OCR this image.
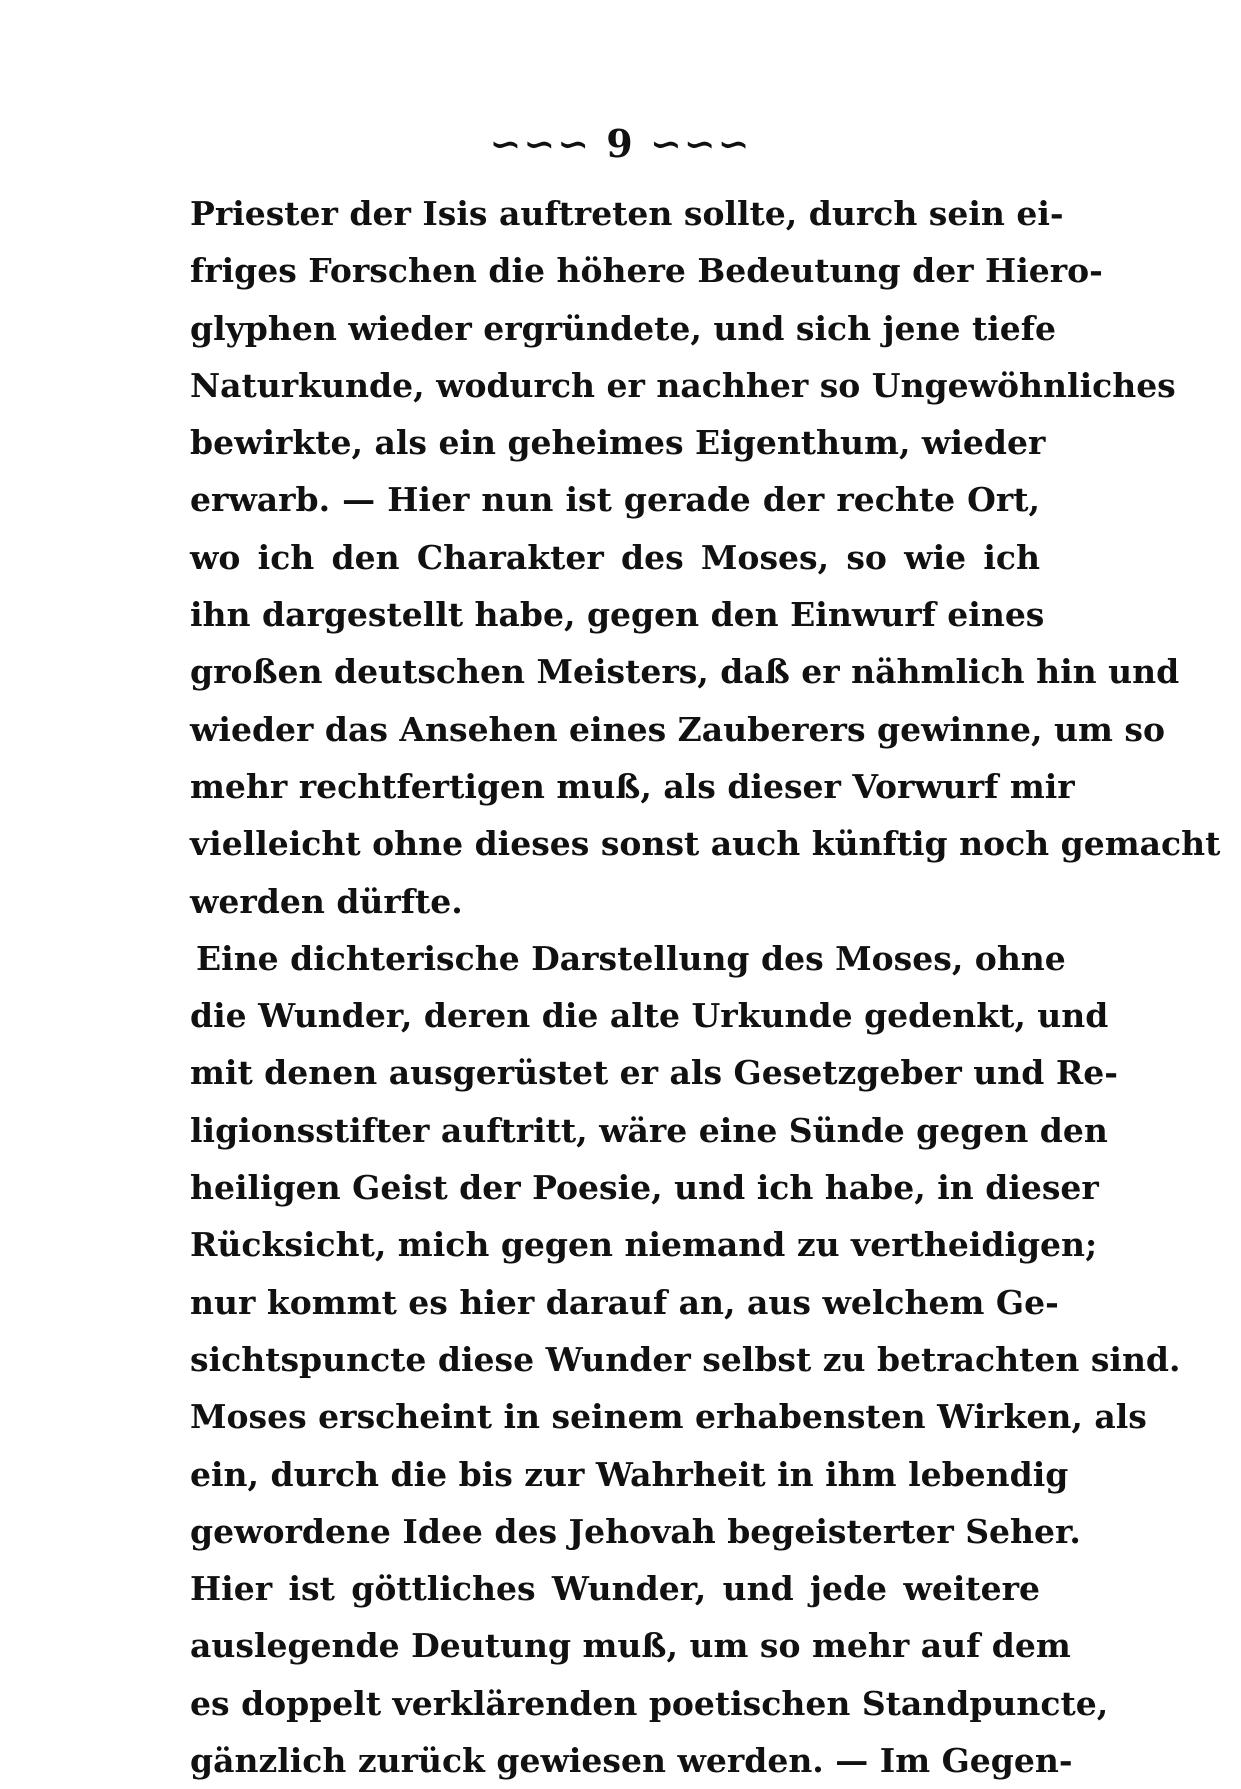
∽∽∽ 9 ∽∽∽
Priester der Isis auftreten sollte, durch sein ei-
friges Forschen die höhere Bedeutung der Hiero-
glyphen wieder ergründete, und sich jene tiefe
Naturkunde, wodurch er nachher so Ungewöhnliches
bewirkte, als ein geheimes Eigenthum, wieder
erwarb. — Hier nun ist gerade der rechte Ort,
wo ich den Charakter des Moses, so wie ich
ihn dargestellt habe, gegen den Einwurf eines
großen deutschen Meisters, daß er nähmlich hin und
wieder das Ansehen eines Zauberers gewinne, um so
mehr rechtfertigen muß, als dieser Vorwurf mir
vielleicht ohne dieses sonst auch künftig noch gemacht
werden dürfte.
Eine dichterische Darstellung des Moses, ohne
die Wunder, deren die alte Urkunde gedenkt, und
mit denen ausgerüstet er als Gesetzgeber und Re-
ligionsstifter auftritt, wäre eine Sünde gegen den
heiligen Geist der Poesie, und ich habe, in dieser
Rücksicht, mich gegen niemand zu vertheidigen;
nur kommt es hier darauf an, aus welchem Ge-
sichtspuncte diese Wunder selbst zu betrachten sind.
Moses erscheint in seinem erhabensten Wirken, als
ein, durch die bis zur Wahrheit in ihm lebendig
gewordene Idee des Jehovah begeisterter Seher.
Hier ist göttliches Wunder, und jede weitere
auslegende Deutung muß, um so mehr auf dem
es doppelt verklärenden poetischen Standpuncte,
gänzlich zurück gewiesen werden. — Im Gegen-
